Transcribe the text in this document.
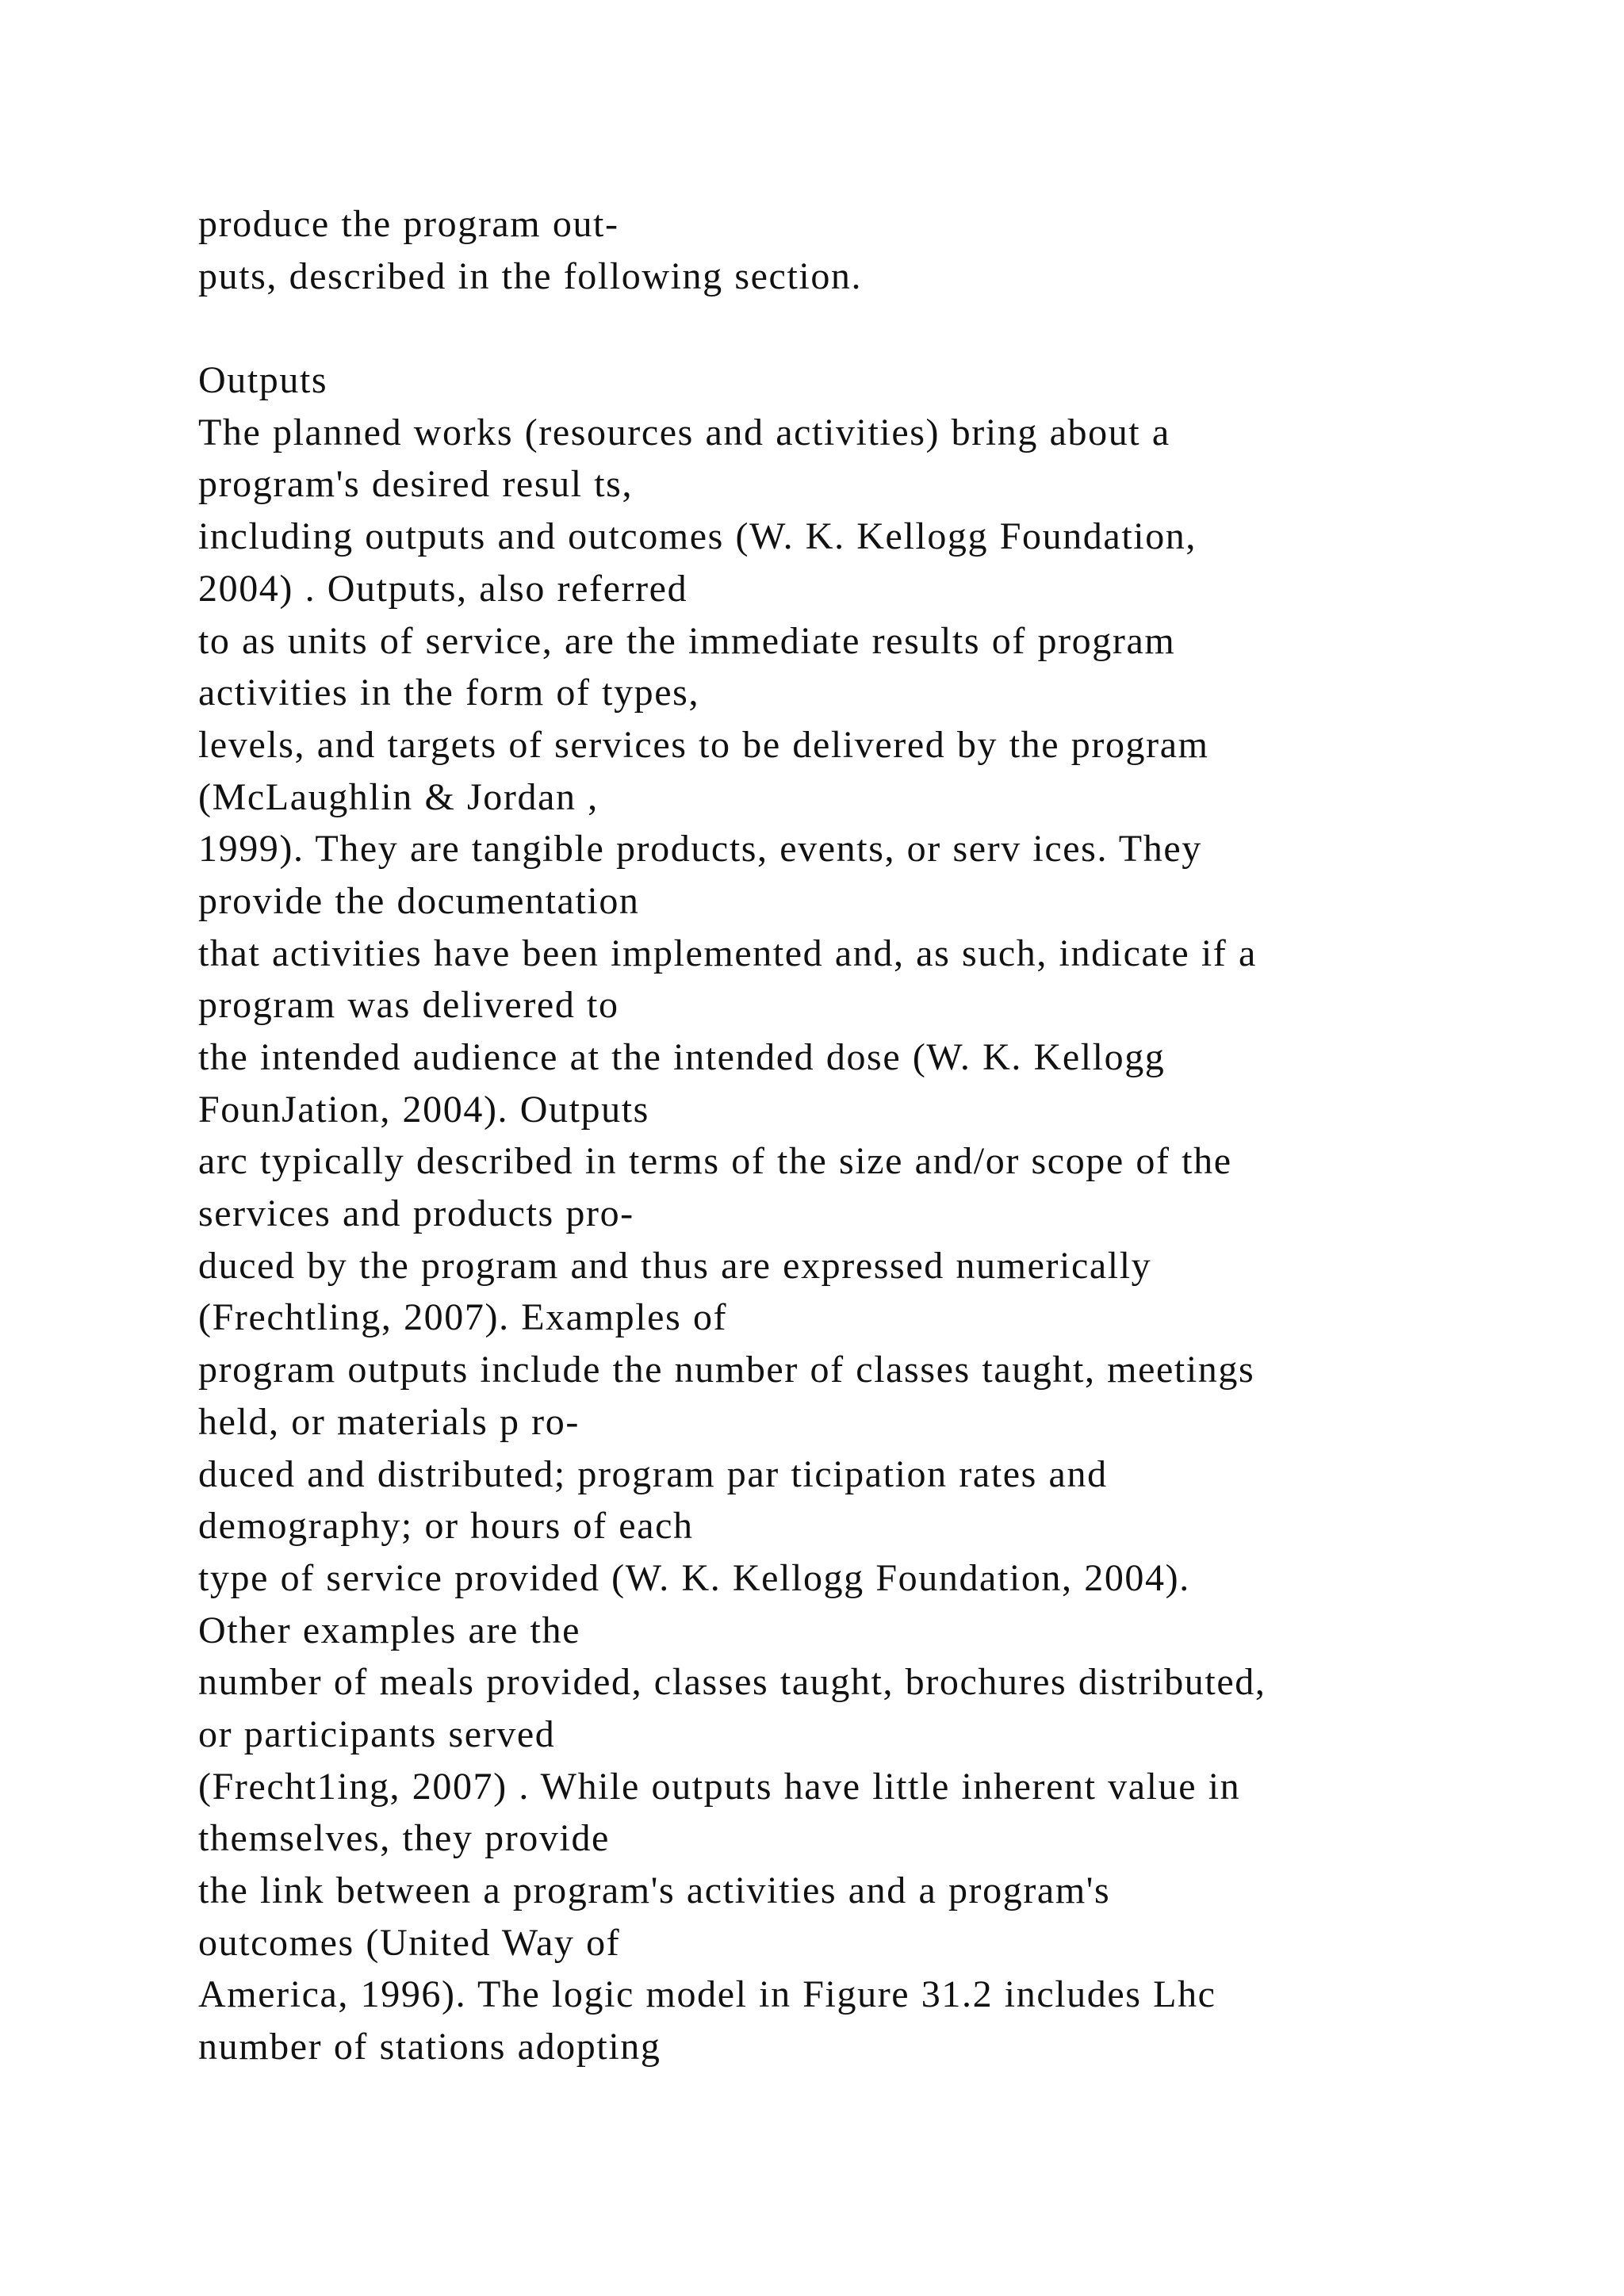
produce the program out-
puts, described in the following section.
Outputs
The planned works (resources and activities) bring about a
program's desired resul ts,
including outputs and outcomes (W. K. Kellogg Foundation,
2004) . Outputs, also referred
to as units of service, are the immediate results of program
activities in the form of types,
levels, and targets of services to be delivered by the program
(McLaughlin & Jordan ,
1999). They are tangible products, events, or serv ices. They
provide the documentation
that activities have been implemented and, as such, indicate if a
program was delivered to
the intended audience at the intended dose (W. K. Kellogg
FounJation, 2004). Outputs
arc typically described in terms of the size and/or scope of the
services and products pro-
duced by the program and thus are expressed numerically
(Frechtling, 2007). Examples of
program outputs include the number of classes taught, meetings
held, or materials p ro-
duced and distributed; program par ticipation rates and
demography; or hours of each
type of service provided (W. K. Kellogg Foundation, 2004).
Other examples are the
number of meals provided, classes taught, brochures distributed,
or participants served
(Frecht1ing, 2007) . While outputs have little inherent value in
themselves, they provide
the link between a program's activities and a program's
outcomes (United Way of
America, 1996). The logic model in Figure 31.2 includes Lhc
number of stations adopting
